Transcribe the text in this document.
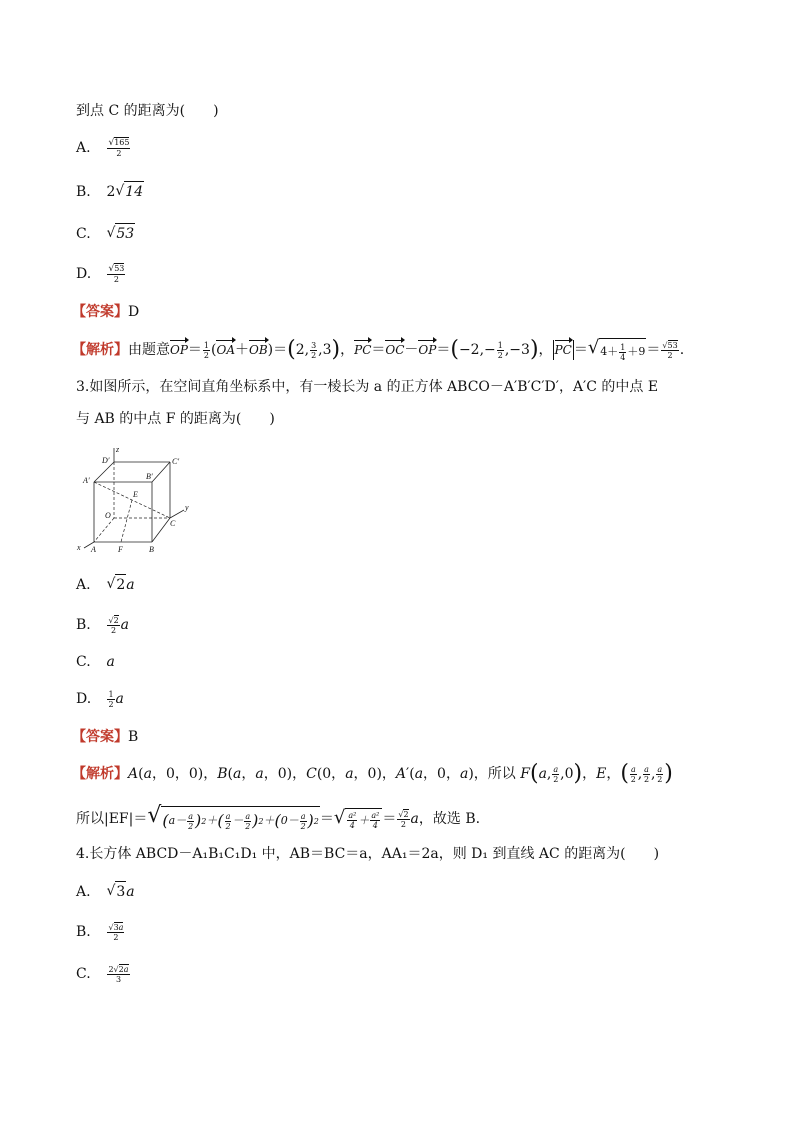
到点 C 的距离为(　　)
A. $\frac{√165}{2}$
B. 2 √ 14
C. √ 53
D. $\frac{√53}{2}$
【答案】D
【解析】由题意$OP= \frac{1}{2} (OA+OB)=(2$, $\frac{3}{2} ,3$)，$PC=OC-OP=(-2,- \frac{1}{2} ,-3)$， PC ＝ √ $4+ \frac{1}{4} +9 = \frac{√53}{2}$ .
3.如图所示，在空间直角坐标系中，有一棱长为 a 的正方体 ABCO－A′B′C′D′，A′C 的中点 E
与 AB 的中点 F 的距离为(　　)
z
y
x
D′	C′
B′
A′
E
O
C
A	F	B
A. √ 2 a
B. $\frac{√2}{2}$ a
C. a
D. $\frac{1}{2}$ a
【答案】B
【解析】A(a，0，0)，B(a，a，0)，C(0，a，0)，A′(a，0，a)，所以 F(a, $\frac{a}{2} ,0$)，E，( $\frac{a}{2}$ , $\frac{a}{2}$ , $\frac{a}{2}$ )
所以|EF|＝ √ $(a- \frac{a}{2} )2+( \frac{a}{2} - \frac{a}{2} )2+(0- \frac{a}{2} )2$ ＝ √ $\frac{\text{a²}}{4} + \frac{\text{a²}}{4} = \frac{√2}{2}$ a，故选 B.
4.长方体 ABCD－A₁B₁C₁D₁ 中，AB＝BC＝a，AA₁＝2a，则 D₁ 到直线 AC 的距离为(　　)
A. √ 3 a
B. $\frac{√3a}{2}$
C. $\frac{2√2a}{3}$
